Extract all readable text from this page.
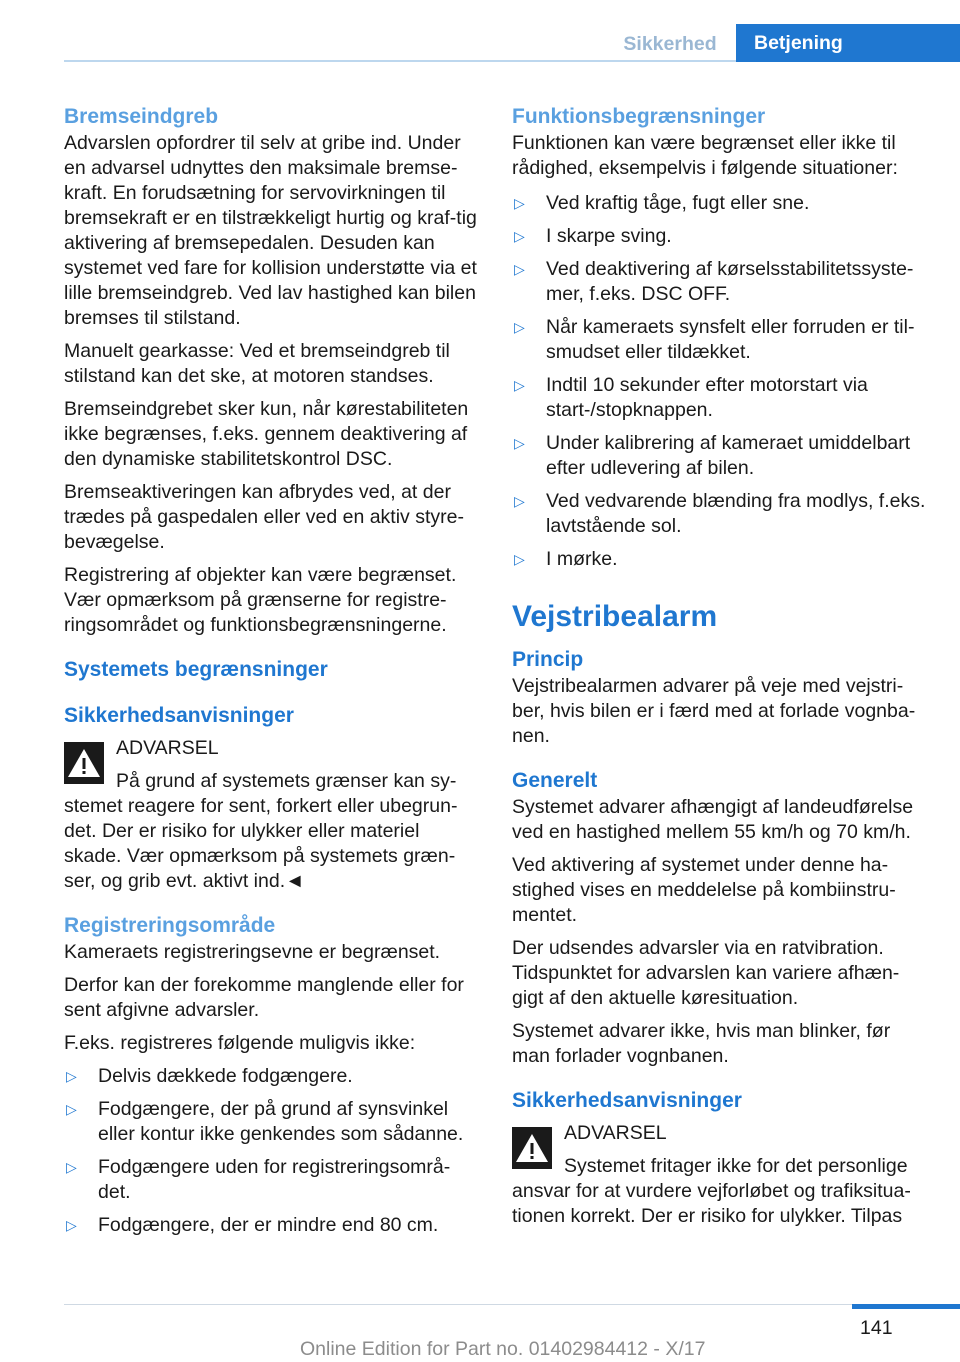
Sikkerhed	Betjening
Bremseindgreb

Advarslen opfordrer til selv at gribe ind. Under en advarsel udnyttes den maksimale bremse-kraft. En forudsætning for servovirkningen til bremsekraft er en tilstrækkeligt hurtig og kraf-tig aktivering af bremsepedalen. Desuden kan systemet ved fare for kollision understøtte via et lille bremseindgreb. Ved lav hastighed kan bilen bremses til stilstand.

Manuelt gearkasse: Ved et bremseindgreb til stilstand kan det ske, at motoren standses.

Bremseindgrebet sker kun, når kørestabiliteten ikke begrænses, f.eks. gennem deaktivering af den dynamiske stabilitetskontrol DSC.

Bremseaktiveringen kan afbrydes ved, at der trædes på gaspedalen eller ved en aktiv styre-bevægelse.

Registrering af objekter kan være begrænset. Vær opmærksom på grænserne for registre-ringsområdet og funktionsbegrænsningerne.

Systemets begrænsninger
Sikkerhedsanvisninger
ADVARSEL
På grund af systemets grænser kan sy-

stemet reagere for sent, forkert eller ubegrun-det. Der er risiko for ulykker eller materiel skade. Vær opmærksom på systemets græn-ser, og grib evt. aktivt ind.◄

Registreringsområde

Kameraets registreringsevne er begrænset.

Derfor kan der forekomme manglende eller for sent afgivne advarsler.

F.eks. registreres følgende muligvis ikke:

▷ Delvis dækkede fodgængere.
▷ Fodgængere, der på grund af synsvinkel eller kontur ikke genkendes som sådanne.
▷ Fodgængere uden for registreringsområ-det.
▷ Fodgængere, der er mindre end 80 cm.
Funktionsbegrænsninger

Funktionen kan være begrænset eller ikke til rådighed, eksempelvis i følgende situationer:

▷ Ved kraftig tåge, fugt eller sne.
▷ I skarpe sving.
▷ Ved deaktivering af kørselsstabilitetssyste-mer, f.eks. DSC OFF.
▷ Når kameraets synsfelt eller forruden er til-smudset eller tildækket.
▷ Indtil 10 sekunder efter motorstart via start-/stopknappen.
▷ Under kalibrering af kameraet umiddelbart efter udlevering af bilen.
▷ Ved vedvarende blænding fra modlys, f.eks. lavtstående sol.
▷ I mørke.
Vejstribealarm
Princip

Vejstribealarmen advarer på veje med vejstri-ber, hvis bilen er i færd med at forlade vognba-nen.

Generelt

Systemet advarer afhængigt af landeudførelse ved en hastighed mellem 55 km/h og 70 km/h.

Ved aktivering af systemet under denne ha-stighed vises en meddelelse på kombiinstru-mentet.

Der udsendes advarsler via en ratvibration. Tidspunktet for advarslen kan variere afhæn-gigt af den aktuelle køresituation.

Systemet advarer ikke, hvis man blinker, før man forlader vognbanen.

Sikkerhedsanvisninger
ADVARSEL
Systemet fritager ikke for det personlige

ansvar for at vurdere vejforløbet og trafiksitua-tionen korrekt. Der er risiko for ulykker. Tilpas

141
Online Edition for Part no. 01402984412 - X/17
